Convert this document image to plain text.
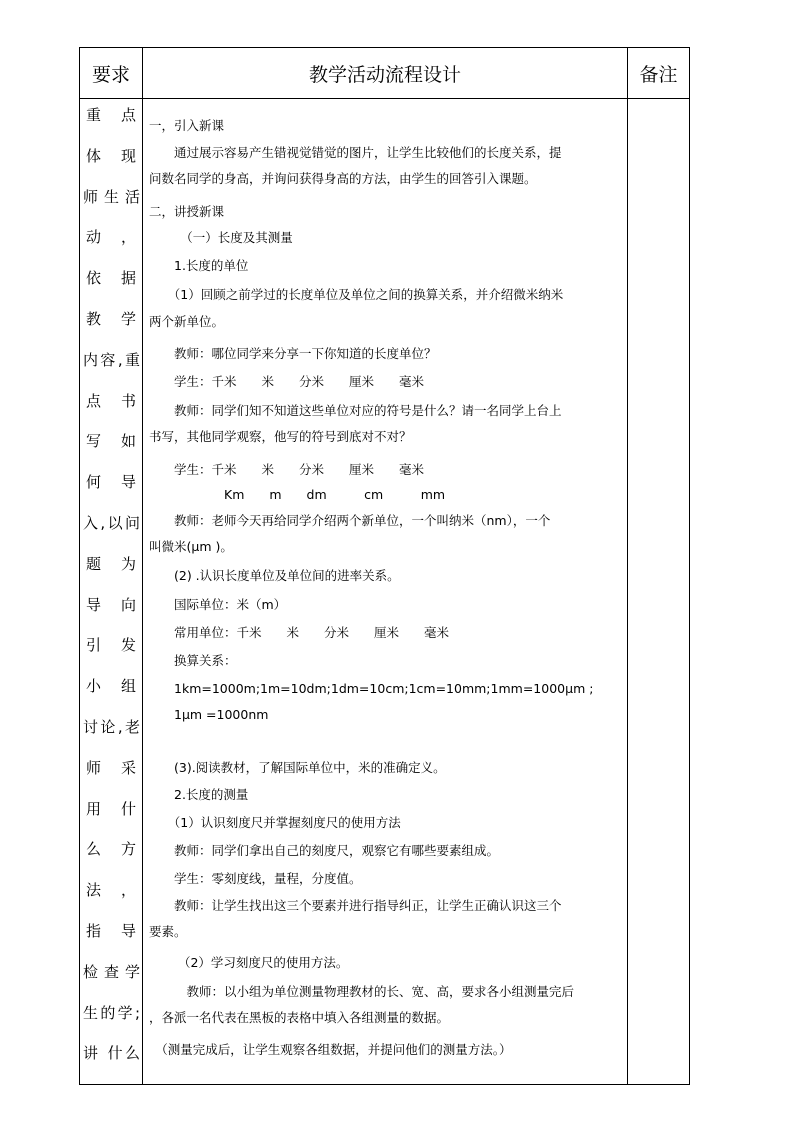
要求	教学活动流程设计	备注
重 点
体 现
师生活
动 ，
依 据
教 学
内容,重
点 书
写 如
何 导
入,以问
题 为
导 向
引 发
小 组
讨论,老
师 采
用 什
么 方
法 ，
指 导
检查学
生的学;
讲 什么
一，引入新课
　　通过展示容易产生错视觉错觉的图片，让学生比较他们的长度关系，提
问数名同学的身高，并询问获得身高的方法，由学生的回答引入课题。
二，讲授新课
　　　（一）长度及其测量
　　1.长度的单位
　　（1）回顾之前学过的长度单位及单位之间的换算关系，并介绍微米纳米
两个新单位。
　　教师：哪位同学来分享一下你知道的长度单位？
　　学生：千米　　米　　分米　　厘米　　毫米
　　教师：同学们知不知道这些单位对应的符号是什么？请一名同学上台上
书写，其他同学观察，他写的符号到底对不对？
　　学生：千米　　米　　分米　　厘米　　毫米
　　　　　　Km　　m　　dm　　　cm　　　mm
　　教师：老师今天再给同学介绍两个新单位，一个叫纳米（nm），一个
叫微米(μm )。
　　(2) .认识长度单位及单位间的进率关系。
　　国际单位：米（m）
　　常用单位：千米　　米　　分米　　厘米　　毫米
　　换算关系：
　　1km=1000m;1m=10dm;1dm=10cm;1cm=10mm;1mm=1000μm ;
　　1μm =1000nm
　　(3).阅读教材，了解国际单位中，米的准确定义。
　　2.长度的测量
　　（1）认识刻度尺并掌握刻度尺的使用方法
　　教师：同学们拿出自己的刻度尺，观察它有哪些要素组成。
　　学生：零刻度线，量程，分度值。
　　教师：让学生找出这三个要素并进行指导纠正，让学生正确认识这三个
要素。
　　 （2）学习刻度尺的使用方法。
　　　教师：以小组为单位测量物理教材的长、宽、高，要求各小组测量完后
，各派一名代表在黑板的表格中填入各组测量的数据。
　（测量完成后，让学生观察各组数据，并提问他们的测量方法。）
